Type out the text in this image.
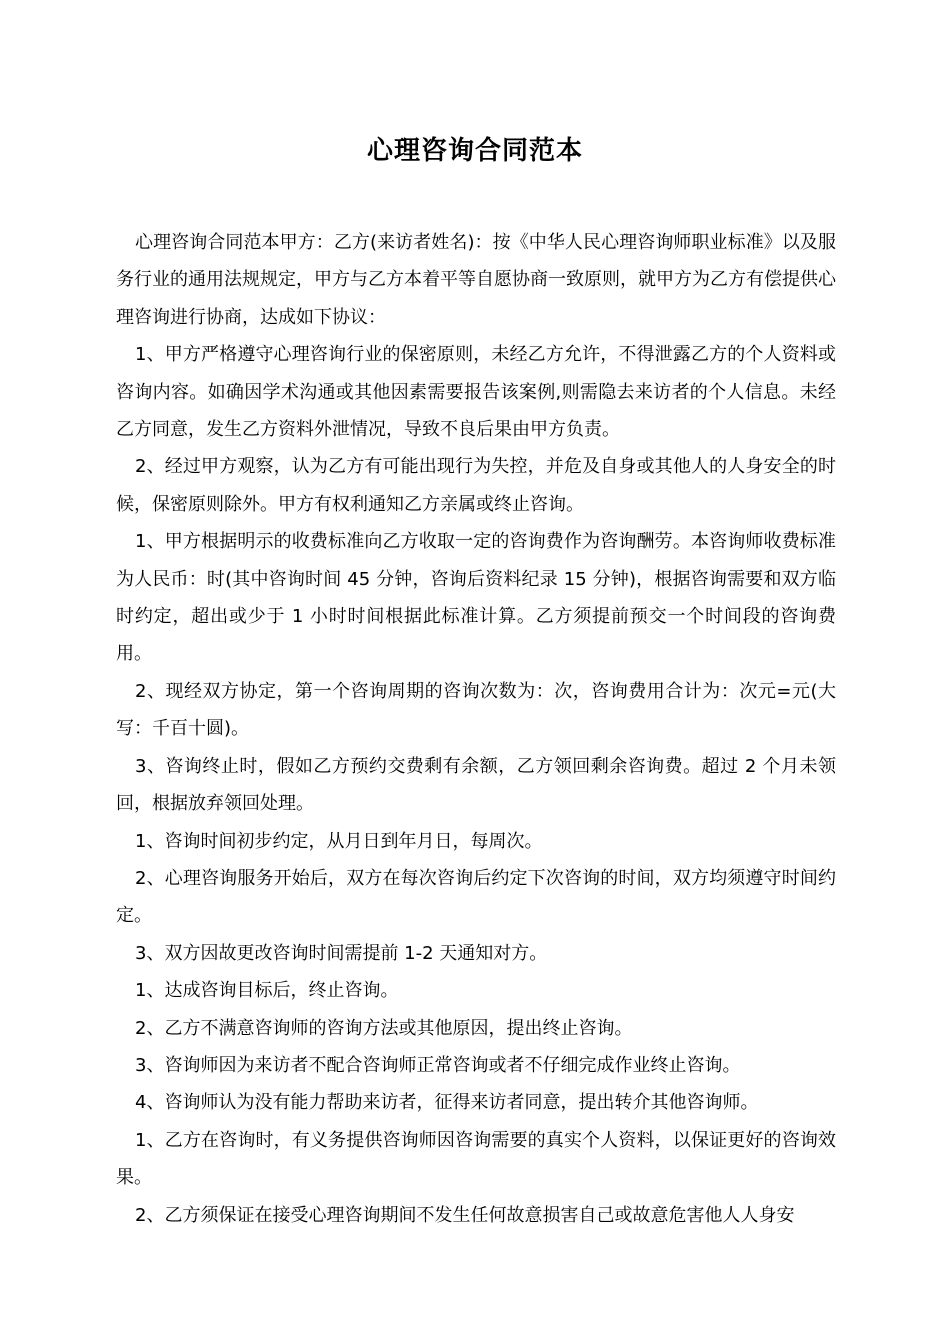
心理咨询合同范本

心理咨询合同范本甲方：乙方(来访者姓名)：按《中华人民心理咨询师职业标准》以及服务行业的通用法规规定，甲方与乙方本着平等自愿协商一致原则，就甲方为乙方有偿提供心理咨询进行协商，达成如下协议：

1、甲方严格遵守心理咨询行业的保密原则，未经乙方允许，不得泄露乙方的个人资料或咨询内容。如确因学术沟通或其他因素需要报告该案例,则需隐去来访者的个人信息。未经乙方同意，发生乙方资料外泄情况，导致不良后果由甲方负责。

2、经过甲方观察，认为乙方有可能出现行为失控，并危及自身或其他人的人身安全的时候，保密原则除外。甲方有权利通知乙方亲属或终止咨询。

1、甲方根据明示的收费标准向乙方收取一定的咨询费作为咨询酬劳。本咨询师收费标准为人民币：时(其中咨询时间 45 分钟，咨询后资料纪录 15 分钟)，根据咨询需要和双方临时约定，超出或少于 1 小时时间根据此标准计算。乙方须提前预交一个时间段的咨询费用。

2、现经双方协定，第一个咨询周期的咨询次数为：次，咨询费用合计为：次元=元(大写：千百十圆)。

3、咨询终止时，假如乙方预约交费剩有余额，乙方领回剩余咨询费。超过 2 个月未领回，根据放弃领回处理。

1、咨询时间初步约定，从月日到年月日，每周次。

2、心理咨询服务开始后，双方在每次咨询后约定下次咨询的时间，双方均须遵守时间约定。

3、双方因故更改咨询时间需提前 1-2 天通知对方。

1、达成咨询目标后，终止咨询。

2、乙方不满意咨询师的咨询方法或其他原因，提出终止咨询。

3、咨询师因为来访者不配合咨询师正常咨询或者不仔细完成作业终止咨询。

4、咨询师认为没有能力帮助来访者，征得来访者同意，提出转介其他咨询师。

1、乙方在咨询时，有义务提供咨询师因咨询需要的真实个人资料，以保证更好的咨询效果。

2、乙方须保证在接受心理咨询期间不发生任何故意损害自己或故意危害他人人身安
